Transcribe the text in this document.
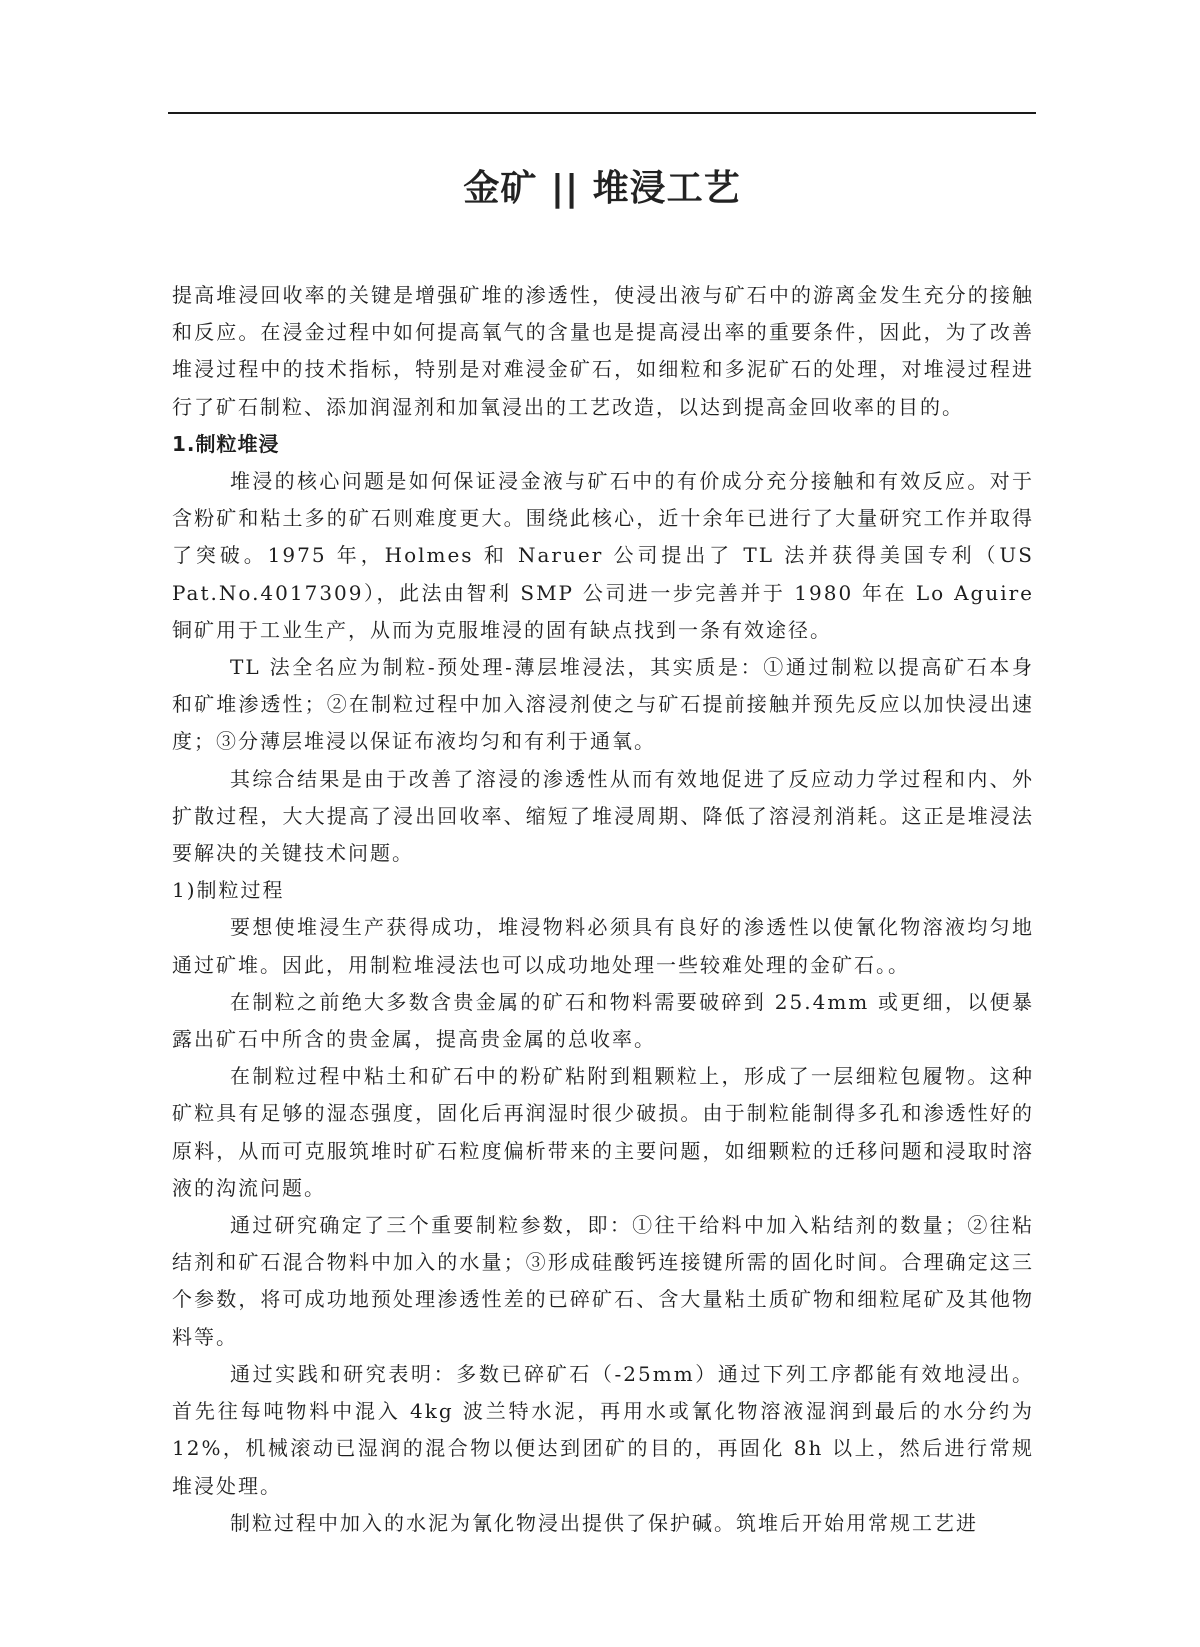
金矿 || 堆浸工艺

提高堆浸回收率的关键是增强矿堆的渗透性，使浸出液与矿石中的游离金发生充分的接触和反应。在浸金过程中如何提高氧气的含量也是提高浸出率的重要条件，因此，为了改善堆浸过程中的技术指标，特别是对难浸金矿石，如细粒和多泥矿石的处理，对堆浸过程进行了矿石制粒、添加润湿剂和加氧浸出的工艺改造，以达到提高金回收率的目的。

1.制粒堆浸

堆浸的核心问题是如何保证浸金液与矿石中的有价成分充分接触和有效反应。对于含粉矿和粘土多的矿石则难度更大。围绕此核心，近十余年已进行了大量研究工作并取得了突破。1975 年，Holmes 和 Naruer 公司提出了 TL 法并获得美国专利（US Pat.No.4017309），此法由智利 SMP 公司进一步完善并于 1980 年在 Lo Aguire 铜矿用于工业生产，从而为克服堆浸的固有缺点找到一条有效途径。

TL 法全名应为制粒-预处理-薄层堆浸法，其实质是：①通过制粒以提高矿石本身和矿堆渗透性；②在制粒过程中加入溶浸剂使之与矿石提前接触并预先反应以加快浸出速度；③分薄层堆浸以保证布液均匀和有利于通氧。

其综合结果是由于改善了溶浸的渗透性从而有效地促进了反应动力学过程和内、外扩散过程，大大提高了浸出回收率、缩短了堆浸周期、降低了溶浸剂消耗。这正是堆浸法要解决的关键技术问题。

1)制粒过程

要想使堆浸生产获得成功，堆浸物料必须具有良好的渗透性以使氰化物溶液均匀地通过矿堆。因此，用制粒堆浸法也可以成功地处理一些较难处理的金矿石。。

在制粒之前绝大多数含贵金属的矿石和物料需要破碎到 25.4mm 或更细，以便暴露出矿石中所含的贵金属，提高贵金属的总收率。

在制粒过程中粘土和矿石中的粉矿粘附到粗颗粒上，形成了一层细粒包履物。这种矿粒具有足够的湿态强度，固化后再润湿时很少破损。由于制粒能制得多孔和渗透性好的原料，从而可克服筑堆时矿石粒度偏析带来的主要问题，如细颗粒的迁移问题和浸取时溶液的沟流问题。

通过研究确定了三个重要制粒参数，即：①往干给料中加入粘结剂的数量；②往粘结剂和矿石混合物料中加入的水量；③形成硅酸钙连接键所需的固化时间。合理确定这三个参数，将可成功地预处理渗透性差的已碎矿石、含大量粘土质矿物和细粒尾矿及其他物料等。

通过实践和研究表明：多数已碎矿石（-25mm）通过下列工序都能有效地浸出。首先往每吨物料中混入 4kg 波兰特水泥，再用水或氰化物溶液湿润到最后的水分约为 12%，机械滚动已湿润的混合物以便达到团矿的目的，再固化 8h 以上，然后进行常规堆浸处理。

制粒过程中加入的水泥为氰化物浸出提供了保护碱。筑堆后开始用常规工艺进
